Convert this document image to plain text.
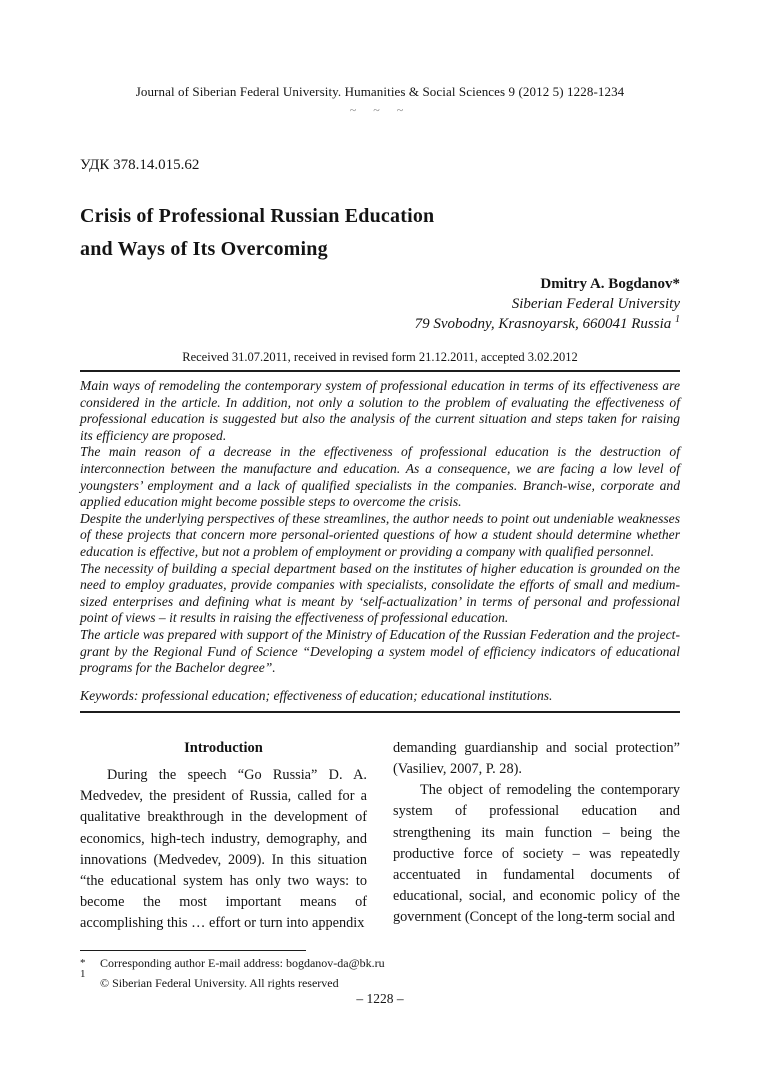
Journal of Siberian Federal University. Humanities & Social Sciences 9 (2012 5) 1228-1234
~ ~ ~
УДК 378.14.015.62
Crisis of Professional Russian Education
and Ways of Its Overcoming
Dmitry A. Bogdanov*
Siberian Federal University
79 Svobodny, Krasnoyarsk, 660041 Russia $^1$
Received 31.07.2011, received in revised form 21.12.2011, accepted 3.02.2012

Main ways of remodeling the contemporary system of professional education in terms of its effectiveness are considered in the article. In addition, not only a solution to the problem of evaluating the effectiveness of professional education is suggested but also the analysis of the current situation and steps taken for raising its efficiency are proposed.

The main reason of a decrease in the effectiveness of professional education is the destruction of interconnection between the manufacture and education. As a consequence, we are facing a low level of youngsters’ employment and a lack of qualified specialists in the companies. Branch-wise, corporate and applied education might become possible steps to overcome the crisis.

Despite the underlying perspectives of these streamlines, the author needs to point out undeniable weaknesses of these projects that concern more personal-oriented questions of how a student should determine whether education is effective, but not a problem of employment or providing a company with qualified personnel.

The necessity of building a special department based on the institutes of higher education is grounded on the need to employ graduates, provide companies with specialists, consolidate the efforts of small and medium-sized enterprises and defining what is meant by ‘self-actualization’ in terms of personal and professional point of views – it results in raising the effectiveness of professional education.

The article was prepared with support of the Ministry of Education of the Russian Federation and the project-grant by the Regional Fund of Science “Developing a system model of efficiency indicators of educational programs for the Bachelor degree”.

Keywords: professional education; effectiveness of education; educational institutions.
Introduction

During the speech “Go Russia” D. A. Medvedev, the president of Russia, called for a qualitative breakthrough in the development of economics, high-tech industry, demography, and innovations (Medvedev, 2009). In this situation “the educational system has only two ways: to become the most important means of accomplishing this … effort or turn into appendix

demanding guardianship and social protection” (Vasiliev, 2007, P. 28).

The object of remodeling the contemporary system of professional education and strengthening its main function – being the productive force of society – was repeatedly accentuated in fundamental documents of educational, social, and economic policy of the government (Concept of the long-term social and

*	Corresponding author E-mail address: bogdanov-da@bk.ru
1
© Siberian Federal University. All rights reserved
– 1228 –
